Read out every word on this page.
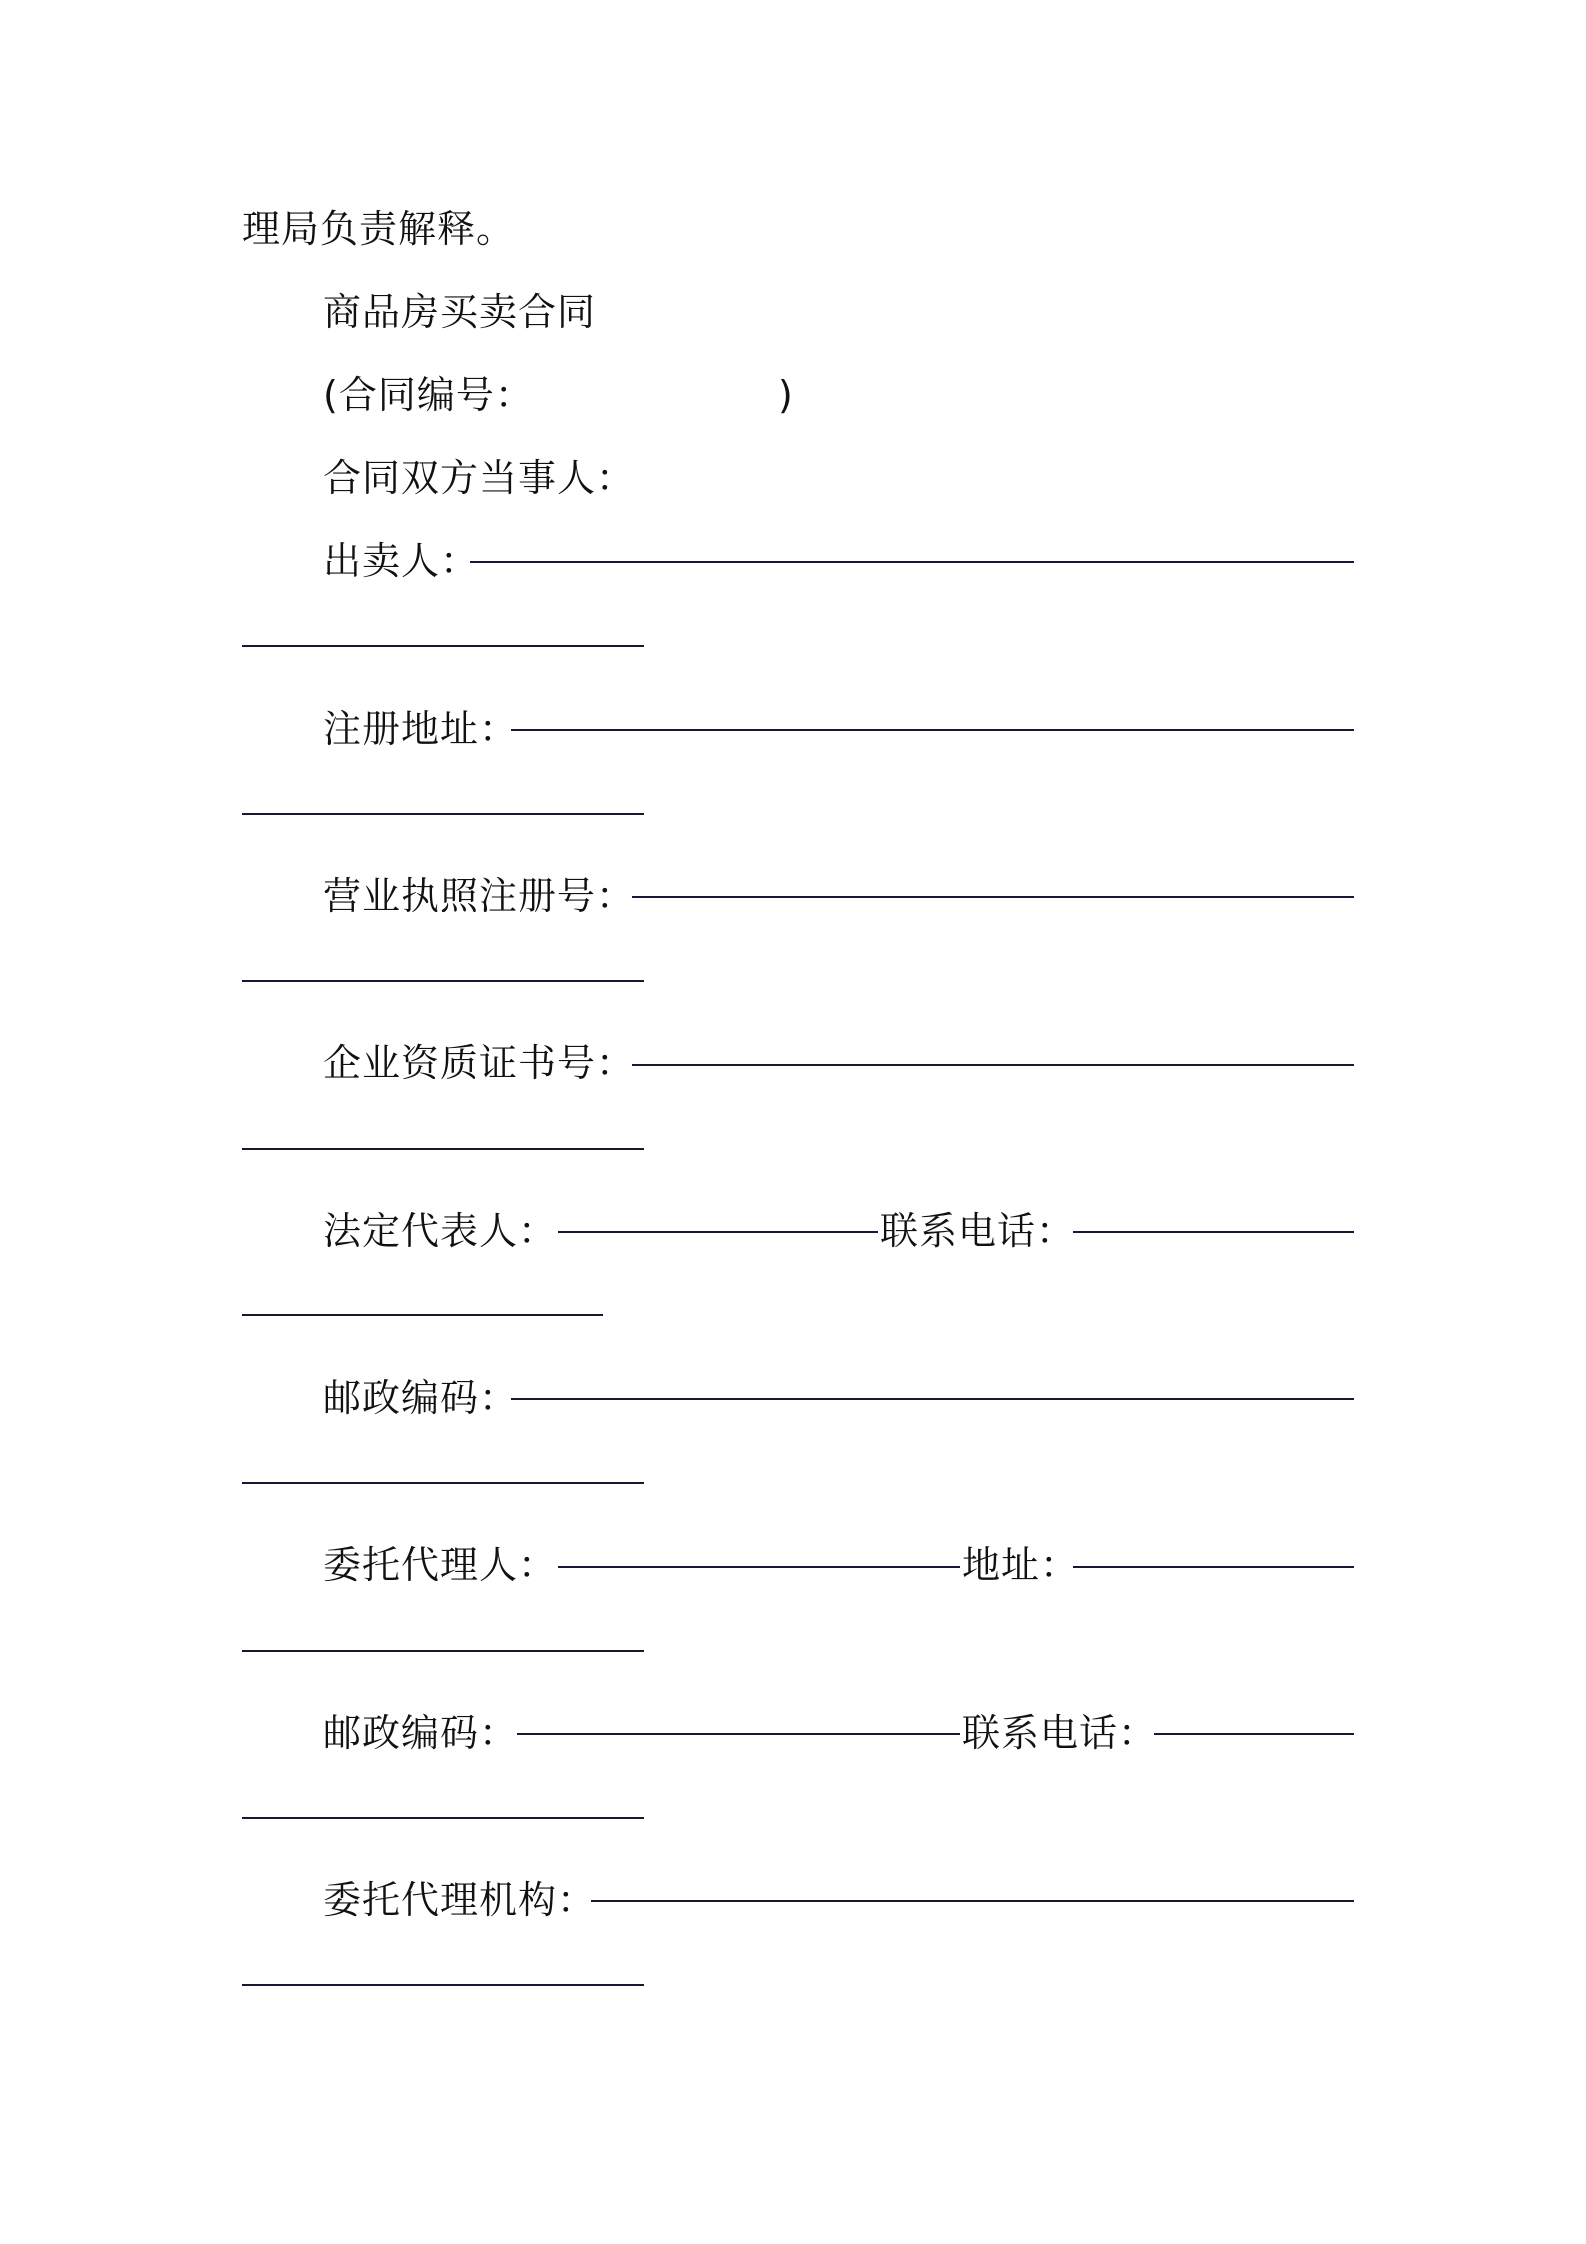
理局负责解释。
商品房买卖合同
(合同编号：	)
合同双方当事人：
出卖人：
注册地址：
营业执照注册号：
企业资质证书号：
法定代表人：	联系电话：
邮政编码：
委托代理人：	地址：
邮政编码：	联系电话：
委托代理机构：
